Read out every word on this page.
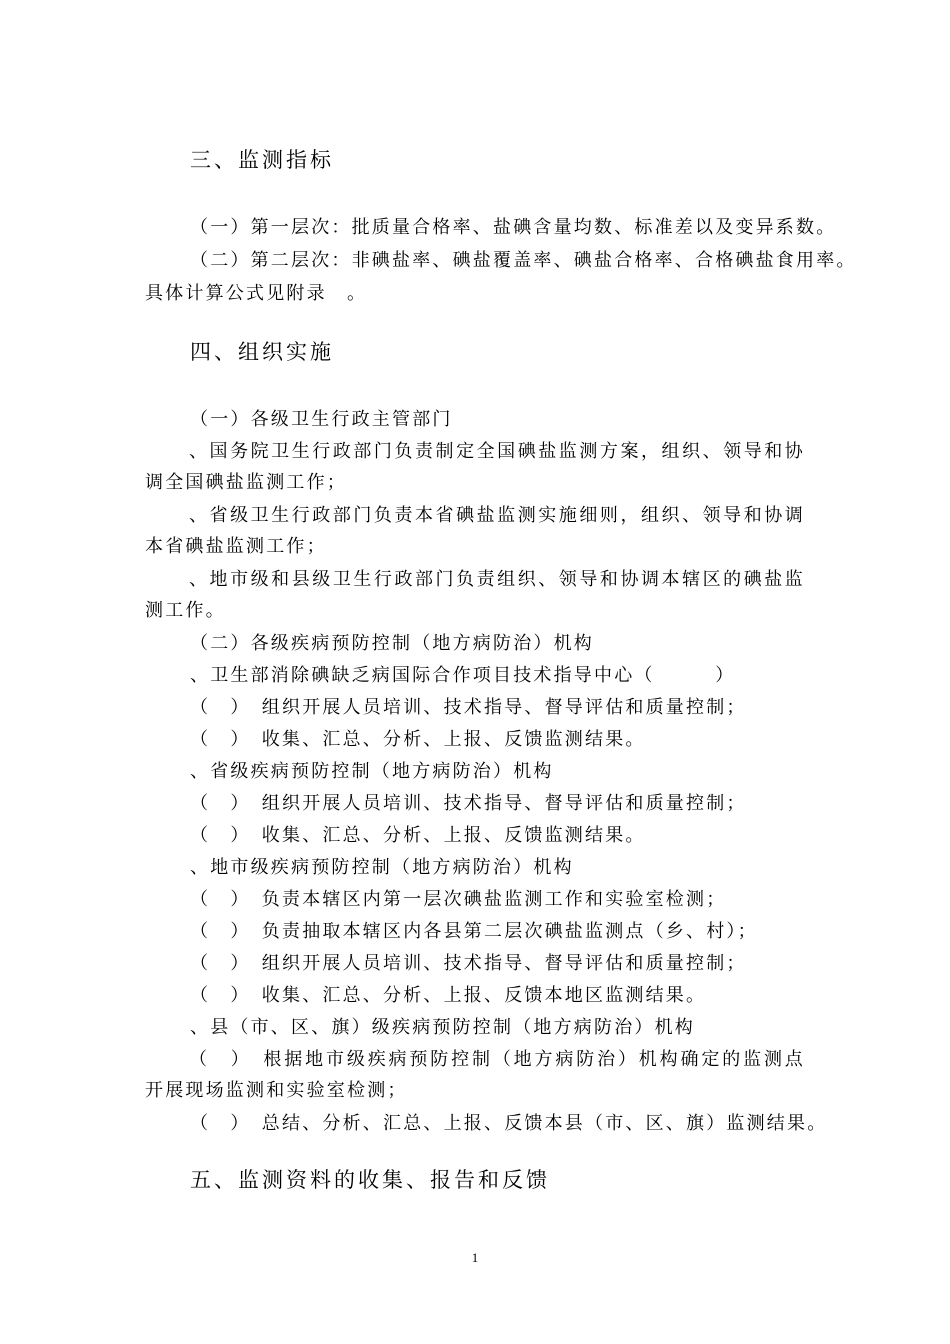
三、监测指标
（一）第一层次：批质量合格率、盐碘含量均数、标准差以及变异系数。
（二）第二层次：非碘盐率、碘盐覆盖率、碘盐合格率、合格碘盐食用率。
具体计算公式见附录　。
四、组织实施
（一）各级卫生行政主管部门
、国务院卫生行政部门负责制定全国碘盐监测方案，组织、领导和协调全国碘盐监测工作；
、省级卫生行政部门负责本省碘盐监测实施细则，组织、领导和协调本省碘盐监测工作；
、地市级和县级卫生行政部门负责组织、领导和协调本辖区的碘盐监测工作。
（二）各级疾病预防控制（地方病防治）机构
、卫生部消除碘缺乏病国际合作项目技术指导中心（　　　）
（　）　组织开展人员培训、技术指导、督导评估和质量控制；
（　）　收集、汇总、分析、上报、反馈监测结果。
、省级疾病预防控制（地方病防治）机构
（　）　组织开展人员培训、技术指导、督导评估和质量控制；
（　）　收集、汇总、分析、上报、反馈监测结果。
、地市级疾病预防控制（地方病防治）机构
（　）　负责本辖区内第一层次碘盐监测工作和实验室检测；
（　）　负责抽取本辖区内各县第二层次碘盐监测点（乡、村）；
（　）　组织开展人员培训、技术指导、督导评估和质量控制；
（　）　收集、汇总、分析、上报、反馈本地区监测结果。
、县（市、区、旗）级疾病预防控制（地方病防治）机构
（　）　根据地市级疾病预防控制（地方病防治）机构确定的监测点开展现场监测和实验室检测；
（　）　总结、分析、汇总、上报、反馈本县（市、区、旗）监测结果。
五、监测资料的收集、报告和反馈
1
